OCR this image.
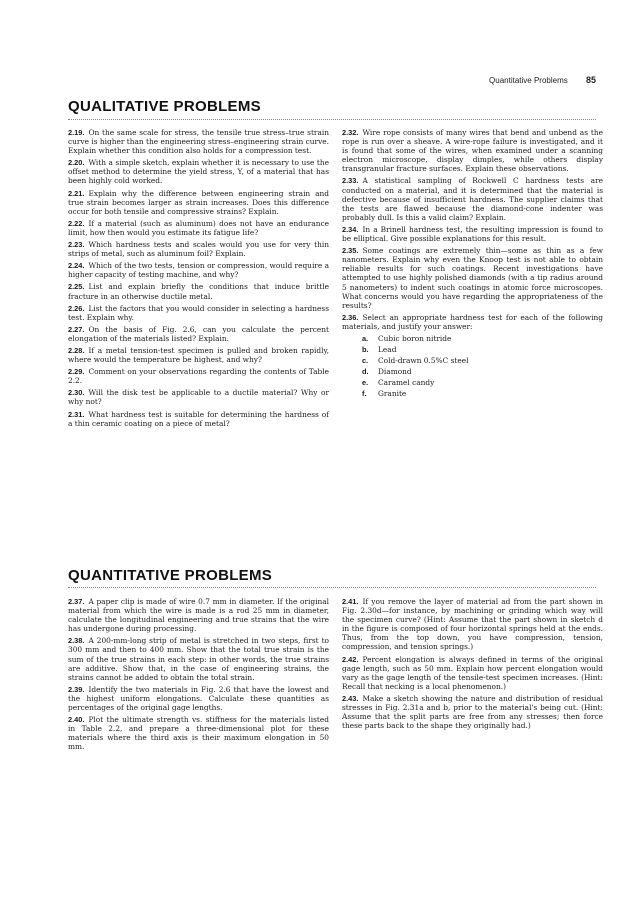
Quantitative Problems 85
QUALITATIVE PROBLEMS

2.19. On the same scale for stress, the tensile true stress–true strain curve is higher than the engineering stress–engineering strain curve. Explain whether this condition also holds for a compression test.

2.20. With a simple sketch, explain whether it is necessary to use the offset method to determine the yield stress, Y, of a material that has been highly cold worked.

2.21. Explain why the difference between engineering strain and true strain becomes larger as strain increases. Does this difference occur for both tensile and compressive strains? Explain.

2.22. If a material (such as aluminum) does not have an endurance limit, how then would you estimate its fatigue life?

2.23. Which hardness tests and scales would you use for very thin strips of metal, such as aluminum foil? Explain.

2.24. Which of the two tests, tension or compression, would require a higher capacity of testing machine, and why?

2.25. List and explain briefly the conditions that induce brittle fracture in an otherwise ductile metal.

2.26. List the factors that you would consider in selecting a hardness test. Explain why.

2.27. On the basis of Fig. 2.6, can you calculate the percent elongation of the materials listed? Explain.

2.28. If a metal tension-test specimen is pulled and broken rapidly, where would the temperature be highest, and why?

2.29. Comment on your observations regarding the contents of Table 2.2.

2.30. Will the disk test be applicable to a ductile material? Why or why not?

2.31. What hardness test is suitable for determining the hardness of a thin ceramic coating on a piece of metal?

2.32. Wire rope consists of many wires that bend and unbend as the rope is run over a sheave. A wire-rope failure is investigated, and it is found that some of the wires, when examined under a scanning electron microscope, display dimples, while others display transgranular fracture surfaces. Explain these observations.

2.33. A statistical sampling of Rockwell C hardness tests are conducted on a material, and it is determined that the material is defective because of insufficient hardness. The supplier claims that the tests are flawed because the diamond-cone indenter was probably dull. Is this a valid claim? Explain.

2.34. In a Brinell hardness test, the resulting impression is found to be elliptical. Give possible explanations for this result.

2.35. Some coatings are extremely thin—some as thin as a few nanometers. Explain why even the Knoop test is not able to obtain reliable results for such coatings. Recent investigations have attempted to use highly polished diamonds (with a tip radius around 5 nanometers) to indent such coatings in atomic force microscopes. What concerns would you have regarding the appropriateness of the results?

2.36. Select an appropriate hardness test for each of the following materials, and justify your answer:

a. Cubic boron nitride
b. Lead
c. Cold-drawn 0.5%C steel
d. Diamond
e. Caramel candy
f. Granite
QUANTITATIVE PROBLEMS

2.37. A paper clip is made of wire 0.7 mm in diameter. If the original material from which the wire is made is a rod 25 mm in diameter, calculate the longitudinal engineering and true strains that the wire has undergone during processing.

2.38. A 200-mm-long strip of metal is stretched in two steps, first to 300 mm and then to 400 mm. Show that the total true strain is the sum of the true strains in each step: in other words, the true strains are additive. Show that, in the case of engineering strains, the strains cannot be added to obtain the total strain.

2.39. Identify the two materials in Fig. 2.6 that have the lowest and the highest uniform elongations. Calculate these quantities as percentages of the original gage lengths.

2.40. Plot the ultimate strength vs. stiffness for the materials listed in Table 2.2, and prepare a three-dimensional plot for these materials where the third axis is their maximum elongation in 50 mm.

2.41. If you remove the layer of material ad from the part shown in Fig. 2.30d—for instance, by machining or grinding which way will the specimen curve? (Hint: Assume that the part shown in sketch d in the figure is composed of four horizontal springs held at the ends. Thus, from the top down, you have compression, tension, compression, and tension springs.)

2.42. Percent elongation is always defined in terms of the original gage length, such as 50 mm. Explain how percent elongation would vary as the gage length of the tensile-test specimen increases. (Hint: Recall that necking is a local phenomenon.)

2.43. Make a sketch showing the nature and distribution of residual stresses in Fig. 2.31a and b, prior to the material's being cut. (Hint: Assume that the split parts are free from any stresses; then force these parts back to the shape they originally had.)
